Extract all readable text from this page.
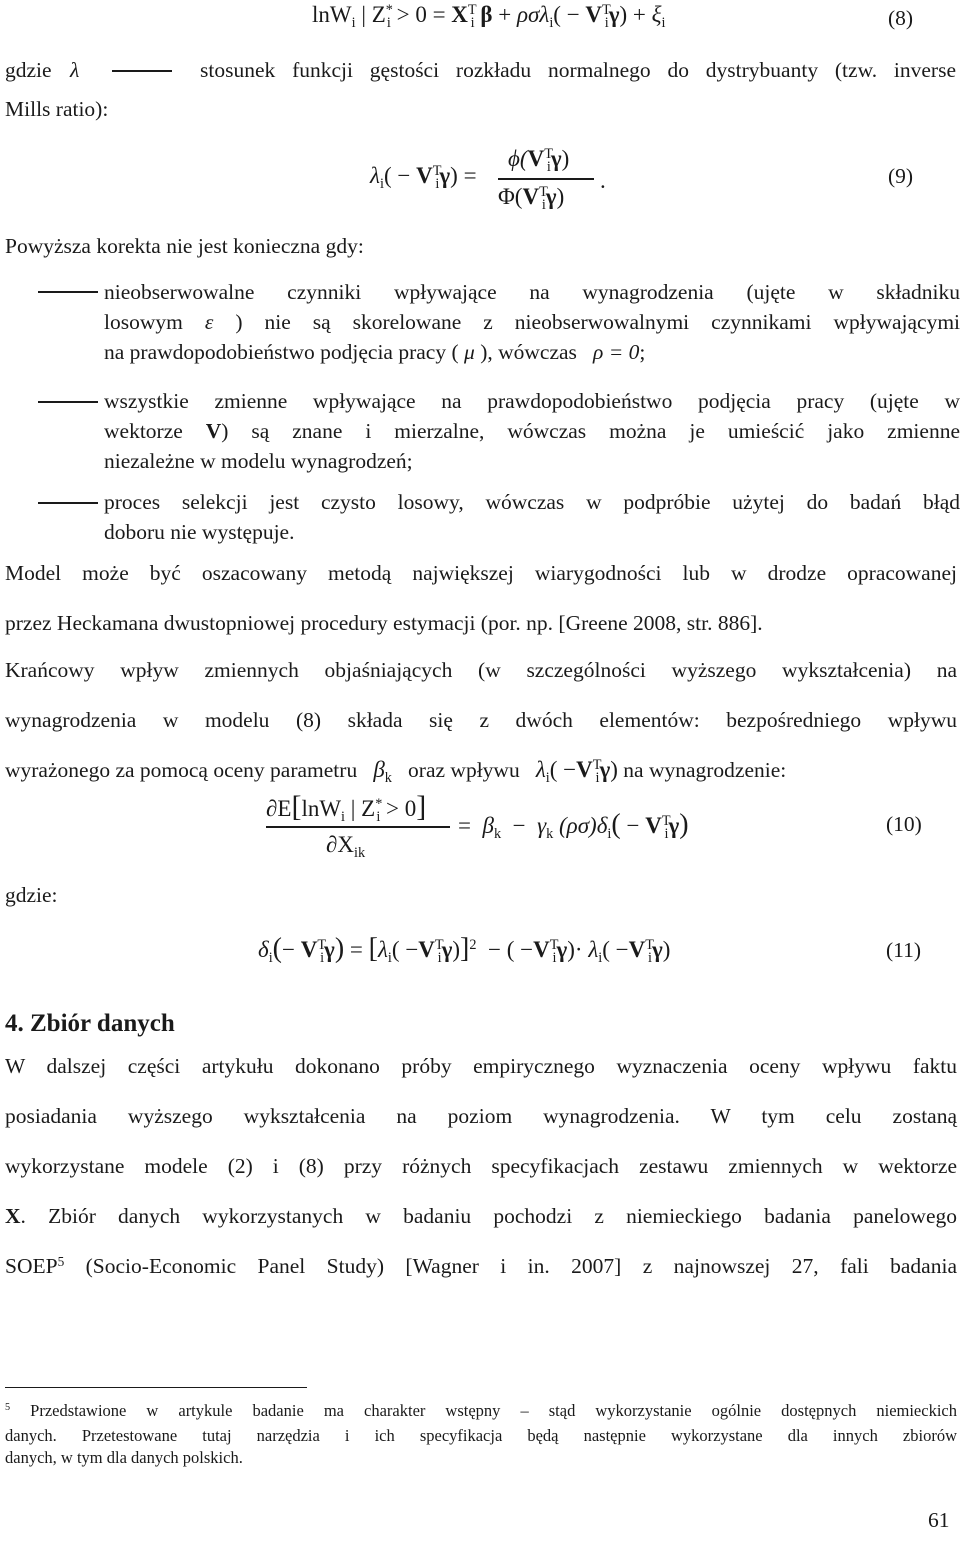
lnW$_i$ | $Z^*_i > 0 = X^T_i$ $\beta + \rho\sigma\lambda_i( - V^T_i\gamma) + \xi_i$	(8)
gdzie λ	stosunek funkcji gęstości rozkładu normalnego do dystrybuanty (tzw. inverse
Mills ratio):
$\lambda_i( - V^T_i\gamma)$ =
$\phi(V^T_i\gamma)$
$\Phi(V^T_i\gamma)$
.	(9)
Powyższa korekta nie jest konieczna gdy:
nieobserwowalne czynniki wpływające na wynagrodzenia (ujęte w składniku
losowym ε ) nie są skorelowane z nieobserwowalnymi czynnikami wpływającymi
na prawdopodobieństwo podjęcia pracy ( μ ), wówczas ρ = 0;
wszystkie zmienne wpływające na prawdopodobieństwo podjęcia pracy (ujęte w
wektorze V) są znane i mierzalne, wówczas można je umieścić jako zmienne
niezależne w modelu wynagrodzeń;
proces selekcji jest czysto losowy, wówczas w podpróbie użytej do badań błąd
doboru nie występuje.
Model może być oszacowany metodą największej wiarygodności lub w drodze opracowanej
przez Heckamana dwustopniowej procedury estymacji (por. np. [Greene 2008, str. 886].
Krańcowy wpływ zmiennych objaśniających (w szczególności wyższego wykształcenia) na
wynagrodzenia w modelu (8) składa się z dwóch elementów: bezpośredniego wpływu
wyrażonego za pomocą oceny parametru $\beta_k$ oraz wpływu $\lambda_i( -V^T_i\gamma)$ na wynagrodzenie:
∂E[lnW$_i$ | $Z^*_i > 0$]
$\partial X_{ik}$
= $\beta_k - \gamma_k$ $(\rho\sigma)\delta_i( - V^T_i\gamma)$	(10)
gdzie:
$\delta_i(- V^T_i\gamma) = [\lambda_i( -V^T_i\gamma)]^2$ − ( $-V^T_i\gamma)\cdot \lambda_i( -V^T_i\gamma)$	(11)
4. Zbiór danych
W dalszej części artykułu dokonano próby empirycznego wyznaczenia oceny wpływu faktu
posiadania wyższego wykształcenia na poziom wynagrodzenia. W tym celu zostaną
wykorzystane modele (2) i (8) przy różnych specyfikacjach zestawu zmiennych w wektorze
X. Zbiór danych wykorzystanych w badaniu pochodzi z niemieckiego badania panelowego
SOEP$^5$ (Socio-Economic Panel Study) [Wagner i in. 2007] z najnowszej 27, fali badania
$^5$ Przedstawione w artykule badanie ma charakter wstępny – stąd wykorzystanie ogólnie dostępnych niemieckich
danych. Przetestowane tutaj narzędzia i ich specyfikacja będą następnie wykorzystane dla innych zbiorów
danych, w tym dla danych polskich.
61
